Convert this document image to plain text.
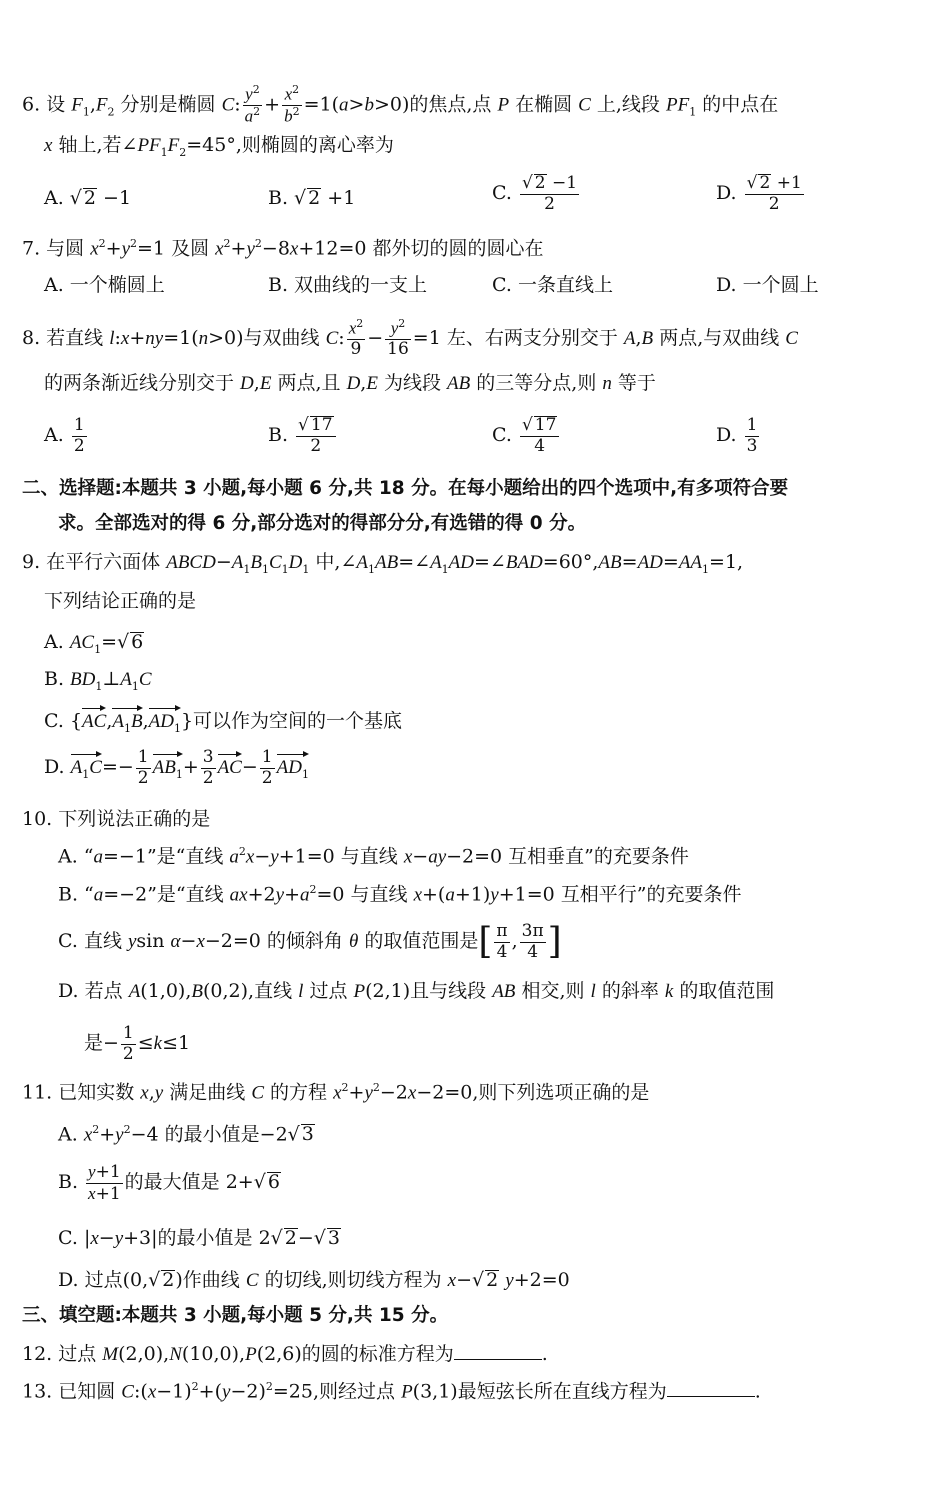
6. 设 $F_1,F_2$ 分别是椭圆 C: $\frac{y^2}{a^2} + \frac{x^2}{b^2} =1(a>b>0)$的焦点,点 P 在椭圆 C 上,线段 $PF_1$ 的中点在
x 轴上,若$\angle PF_1F_2=45^\circ$,则椭圆的离心率为
A. √ 2 −1	B. √ 2 +1	C. $\frac{√ 2 -1}{2}$	D. $\frac{√ 2 +1}{2}$
7. 与圆 $x^2+y^2=1$ 及圆 $x^2+y^2-8x+12=0$ 都外切的圆的圆心在
A. 一个椭圆上	B. 双曲线的一支上	C. 一条直线上	D. 一个圆上
8. 若直线 l:x+ny=1(n>0)与双曲线 C: $\frac{x^2}{9} - \frac{y^2}{16} =1$ 左、右两支分别交于 A,B 两点,与双曲线 C
的两条渐近线分别交于 D,E 两点,且 D,E 为线段 AB 的三等分点,则 n 等于
A. $\frac{1}{2}$	B. $\frac{√ 17}{2}$	C. $\frac{√ 17}{4}$	D. $\frac{1}{3}$
二、选择题:本题共 3 小题,每小题 6 分,共 18 分。在每小题给出的四个选项中,有多项符合要
求。全部选对的得 6 分,部分选对的得部分分,有选错的得 0 分。
9. 在平行六面体 $ABCD-A_1B_1C_1D_1$ 中$,\angle A_1AB=\angle A_1AD=\angle BAD=60^\circ,AB=AD=AA_1=1$,
下列结论正确的是
A. $AC_1=√$ 6
B. $BD_1\perp A_1C$
C. $\{AC,A_1B,AD_1\}$可以作为空间的一个基底
D. $A_1C=- \frac{1}{2} AB_1+ \frac{3}{2} AC- \frac{1}{2} AD_1$
10. 下列说法正确的是
A. “a=−1”是“直线 $a^2x-y+1=0$ 与直线 x−ay−2=0 互相垂直”的充要条件
B. “a=−2”是“直线 $ax+2y+a^2=0$ 与直线 x+(a+1)y+1=0 互相平行”的充要条件
C. 直线 ysin α−x−2=0 的倾斜角 θ 的取值范围是[ $\frac{\pi}{4}$ , $\frac{3\pi}{4}$ ]
D. 若点 A(1,0),B(0,2),直线 l 过点 P(2,1)且与线段 AB 相交,则 l 的斜率 k 的取值范围
是− $\frac{1}{2} \le k\le 1$
11. 已知实数 x,y 满足曲线 C 的方程 $x^2+y^2-2x-2=0$,则下列选项正确的是
A. $x^2+y^2-4$ 的最小值是−2√ 3
B. $\frac{y+1}{x+1}$ 的最大值是 2+√ 6
C. |x−y+3|的最小值是 2√ 2−√ 3
D. 过点(0,√ 2)作曲线 C 的切线,则切线方程为 x−√ 2 y+2=0
三、填空题:本题共 3 小题,每小题 5 分,共 15 分。
12. 过点 M(2,0),N(10,0),P(2,6)的圆的标准方程为	.
13. 已知圆 $C:(x-1)^2+(y-2)^2=25$,则经过点 P(3,1)最短弦长所在直线方程为	.
